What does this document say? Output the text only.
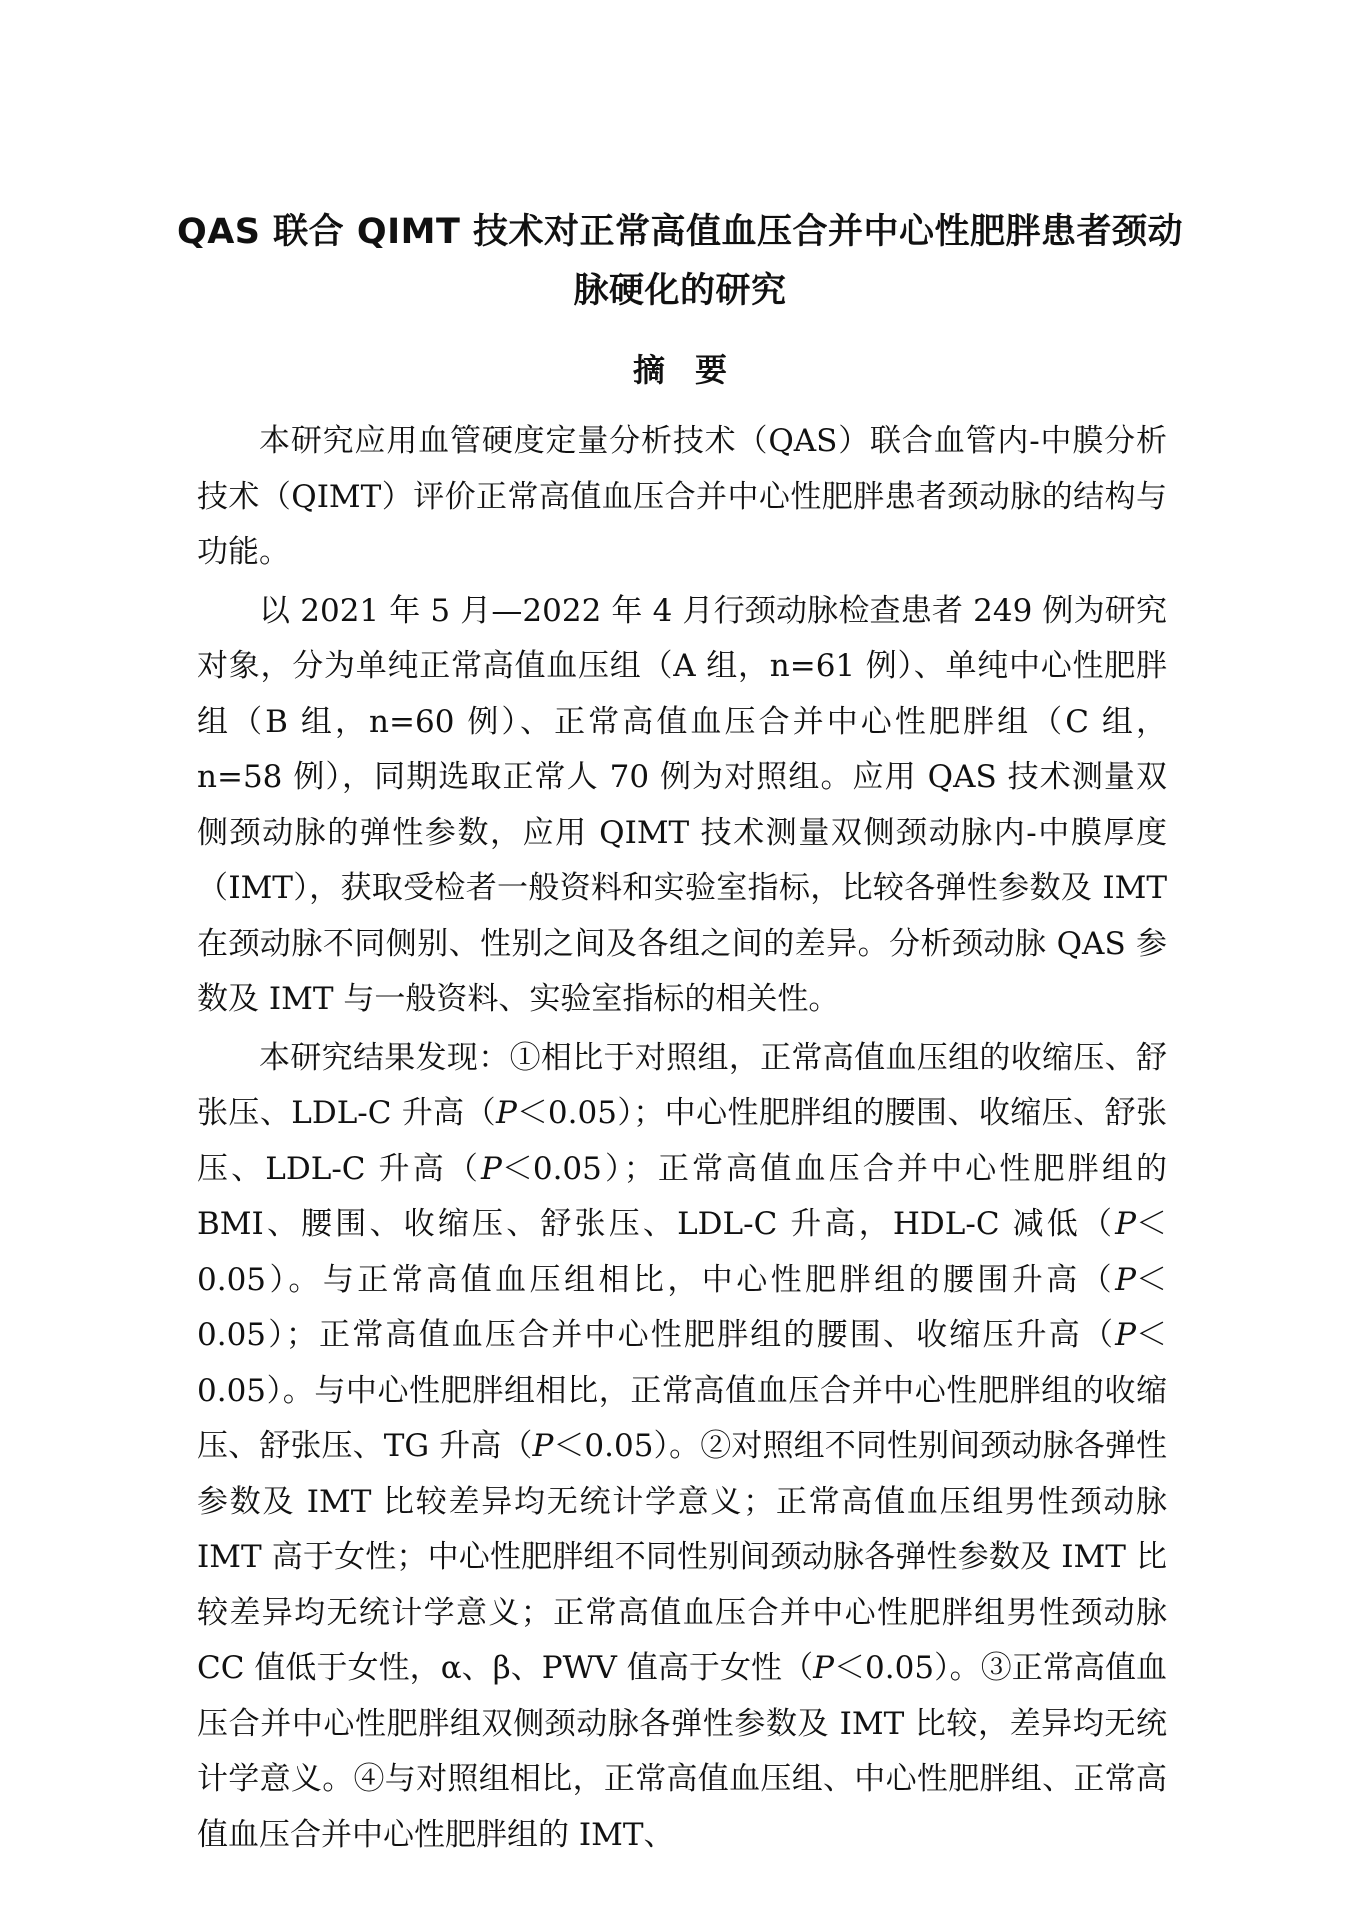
QAS 联合 QIMT 技术对正常高值血压合并中心性肥胖患者颈动
脉硬化的研究
摘要

本研究应用血管硬度定量分析技术（QAS）联合血管内-中膜分析技术（QIMT）评价正常高值血压合并中心性肥胖患者颈动脉的结构与功能。

以 2021 年 5 月—2022 年 4 月行颈动脉检查患者 249 例为研究对象，分为单纯正常高值血压组（A 组，n=61 例）、单纯中心性肥胖组（B 组，n=60 例）、正常高值血压合并中心性肥胖组（C 组，n=58 例），同期选取正常人 70 例为对照组。应用 QAS 技术测量双侧颈动脉的弹性参数，应用 QIMT 技术测量双侧颈动脉内-中膜厚度（IMT），获取受检者一般资料和实验室指标，比较各弹性参数及 IMT 在颈动脉不同侧别、性别之间及各组之间的差异。分析颈动脉 QAS 参数及 IMT 与一般资料、实验室指标的相关性。

本研究结果发现：①相比于对照组，正常高值血压组的收缩压、舒张压、LDL-C 升高（P＜0.05）；中心性肥胖组的腰围、收缩压、舒张压、LDL-C 升高（P＜0.05）；正常高值血压合并中心性肥胖组的 BMI、腰围、收缩压、舒张压、LDL-C 升高，HDL-C 减低（P＜0.05）。与正常高值血压组相比，中心性肥胖组的腰围升高（P＜0.05）；正常高值血压合并中心性肥胖组的腰围、收缩压升高（P＜0.05）。与中心性肥胖组相比，正常高值血压合并中心性肥胖组的收缩压、舒张压、TG 升高（P＜0.05）。②对照组不同性别间颈动脉各弹性参数及 IMT 比较差异均无统计学意义；正常高值血压组男性颈动脉 IMT 高于女性；中心性肥胖组不同性别间颈动脉各弹性参数及 IMT 比较差异均无统计学意义；正常高值血压合并中心性肥胖组男性颈动脉 CC 值低于女性，α、β、PWV 值高于女性（P＜0.05）。③正常高值血压合并中心性肥胖组双侧颈动脉各弹性参数及 IMT 比较，差异均无统计学意义。④与对照组相比，正常高值血压组、中心性肥胖组、正常高值血压合并中心性肥胖组的 IMT、
